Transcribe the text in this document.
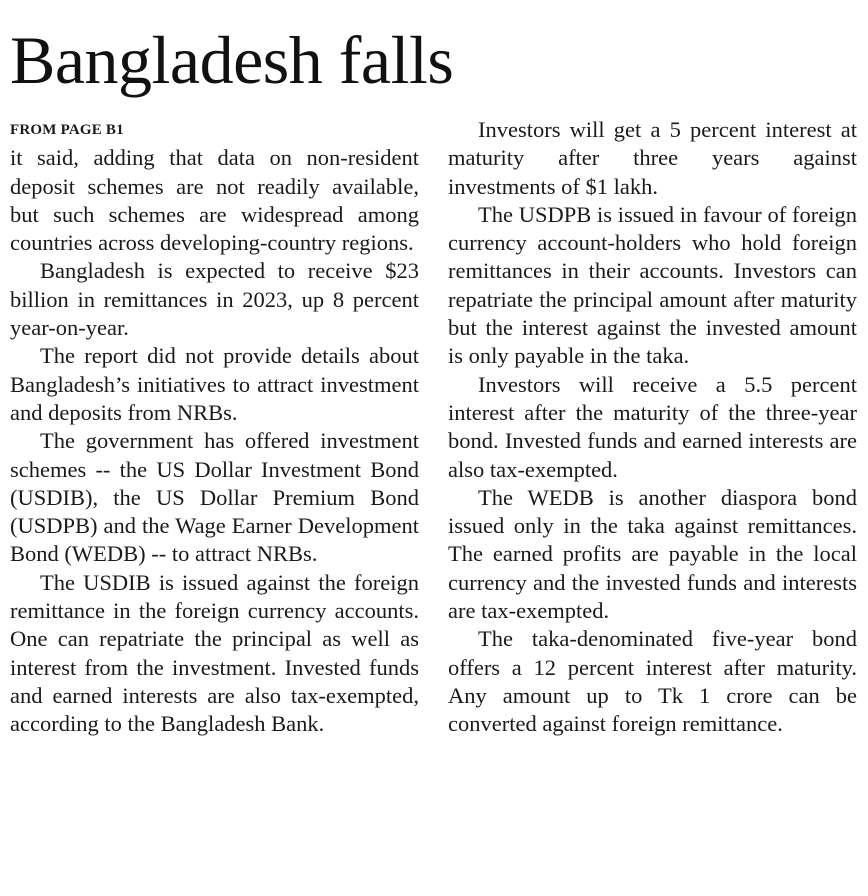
Bangladesh falls
FROM PAGE B1

it said, adding that data on non-resident deposit schemes are not readily available, but such schemes are widespread among countries across developing-country regions.

Bangladesh is expected to receive $23 billion in remittances in 2023, up 8 percent year-on-year.

The report did not provide details about Bangladesh’s initiatives to attract investment and deposits from NRBs.

The government has offered investment schemes -- the US Dollar Investment Bond (USDIB), the US Dollar Premium Bond (USDPB) and the Wage Earner Development Bond (WEDB) -- to attract NRBs.

The USDIB is issued against the foreign remittance in the foreign currency accounts. One can repatriate the principal as well as interest from the investment. Invested funds and earned interests are also tax-exempted, according to the Bangladesh Bank.

Investors will get a 5 percent interest at maturity after three years against investments of $1 lakh.

The USDPB is issued in favour of foreign currency account-holders who hold foreign remittances in their accounts. Investors can repatriate the principal amount after maturity but the interest against the invested amount is only payable in the taka.

Investors will receive a 5.5 percent interest after the maturity of the three-year bond. Invested funds and earned interests are also tax-exempted.

The WEDB is another diaspora bond issued only in the taka against remittances. The earned profits are payable in the local currency and the invested funds and interests are tax-exempted.

The taka-denominated five-year bond offers a 12 percent interest after maturity. Any amount up to Tk 1 crore can be converted against foreign remittance.
